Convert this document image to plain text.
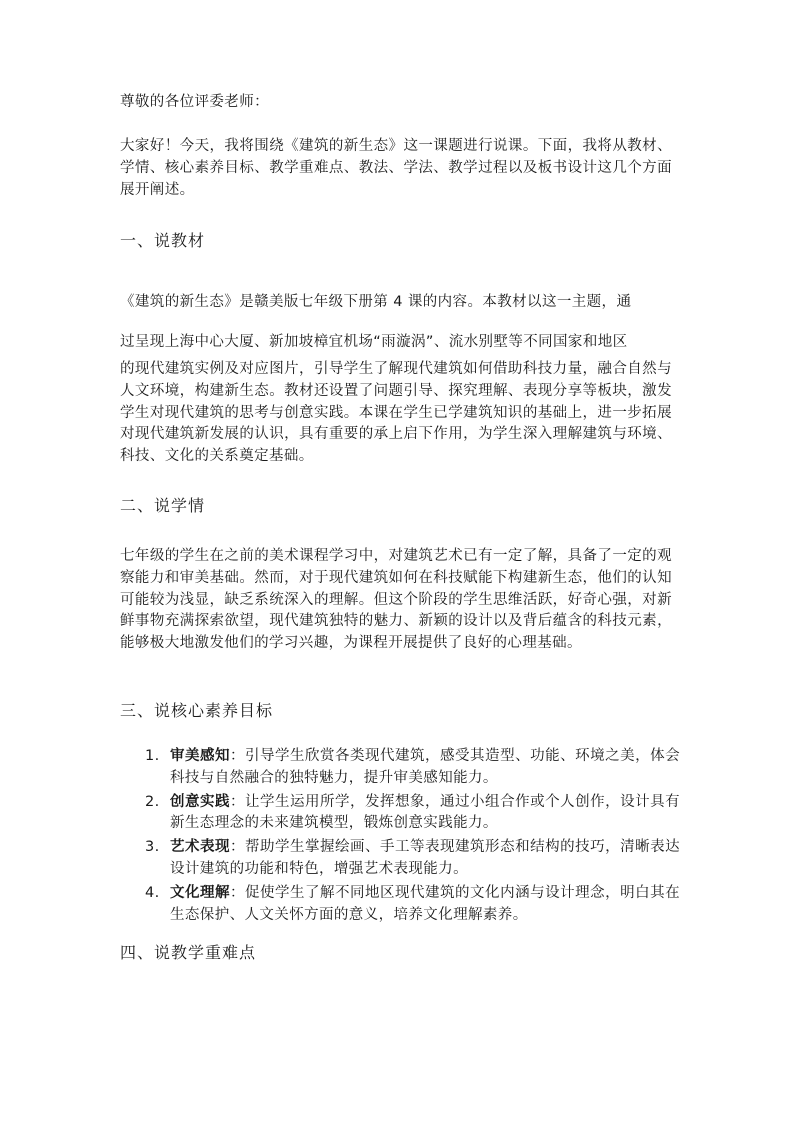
尊敬的各位评委老师：

大家好！今天，我将围绕《建筑的新生态》这一课题进行说课。下面，我将从教材、学情、核心素养目标、教学重难点、教法、学法、教学过程以及板书设计这几个方面展开阐述。

一、说教材

《建筑的新生态》是赣美版七年级下册第 4 课的内容。本教材以这一主题，通

过呈现上海中心大厦、新加坡樟宜机场“雨漩涡”、流水别墅等不同国家和地区

的现代建筑实例及对应图片，引导学生了解现代建筑如何借助科技力量，融合自然与人文环境，构建新生态。教材还设置了问题引导、探究理解、表现分享等板块，激发学生对现代建筑的思考与创意实践。本课在学生已学建筑知识的基础上，进一步拓展对现代建筑新发展的认识，具有重要的承上启下作用，为学生深入理解建筑与环境、科技、文化的关系奠定基础。

二、说学情

七年级的学生在之前的美术课程学习中，对建筑艺术已有一定了解，具备了一定的观察能力和审美基础。然而，对于现代建筑如何在科技赋能下构建新生态，他们的认知可能较为浅显，缺乏系统深入的理解。但这个阶段的学生思维活跃，好奇心强，对新鲜事物充满探索欲望，现代建筑独特的魅力、新颖的设计以及背后蕴含的科技元素，能够极大地激发他们的学习兴趣，为课程开展提供了良好的心理基础。

三、说核心素养目标
1. 审美感知：引导学生欣赏各类现代建筑，感受其造型、功能、环境之美，体会科技与自然融合的独特魅力，提升审美感知能力。
2. 创意实践：让学生运用所学，发挥想象，通过小组合作或个人创作，设计具有新生态理念的未来建筑模型，锻炼创意实践能力。
3. 艺术表现：帮助学生掌握绘画、手工等表现建筑形态和结构的技巧，清晰表达设计建筑的功能和特色，增强艺术表现能力。
4. 文化理解：促使学生了解不同地区现代建筑的文化内涵与设计理念，明白其在生态保护、人文关怀方面的意义，培养文化理解素养。
四、说教学重难点
